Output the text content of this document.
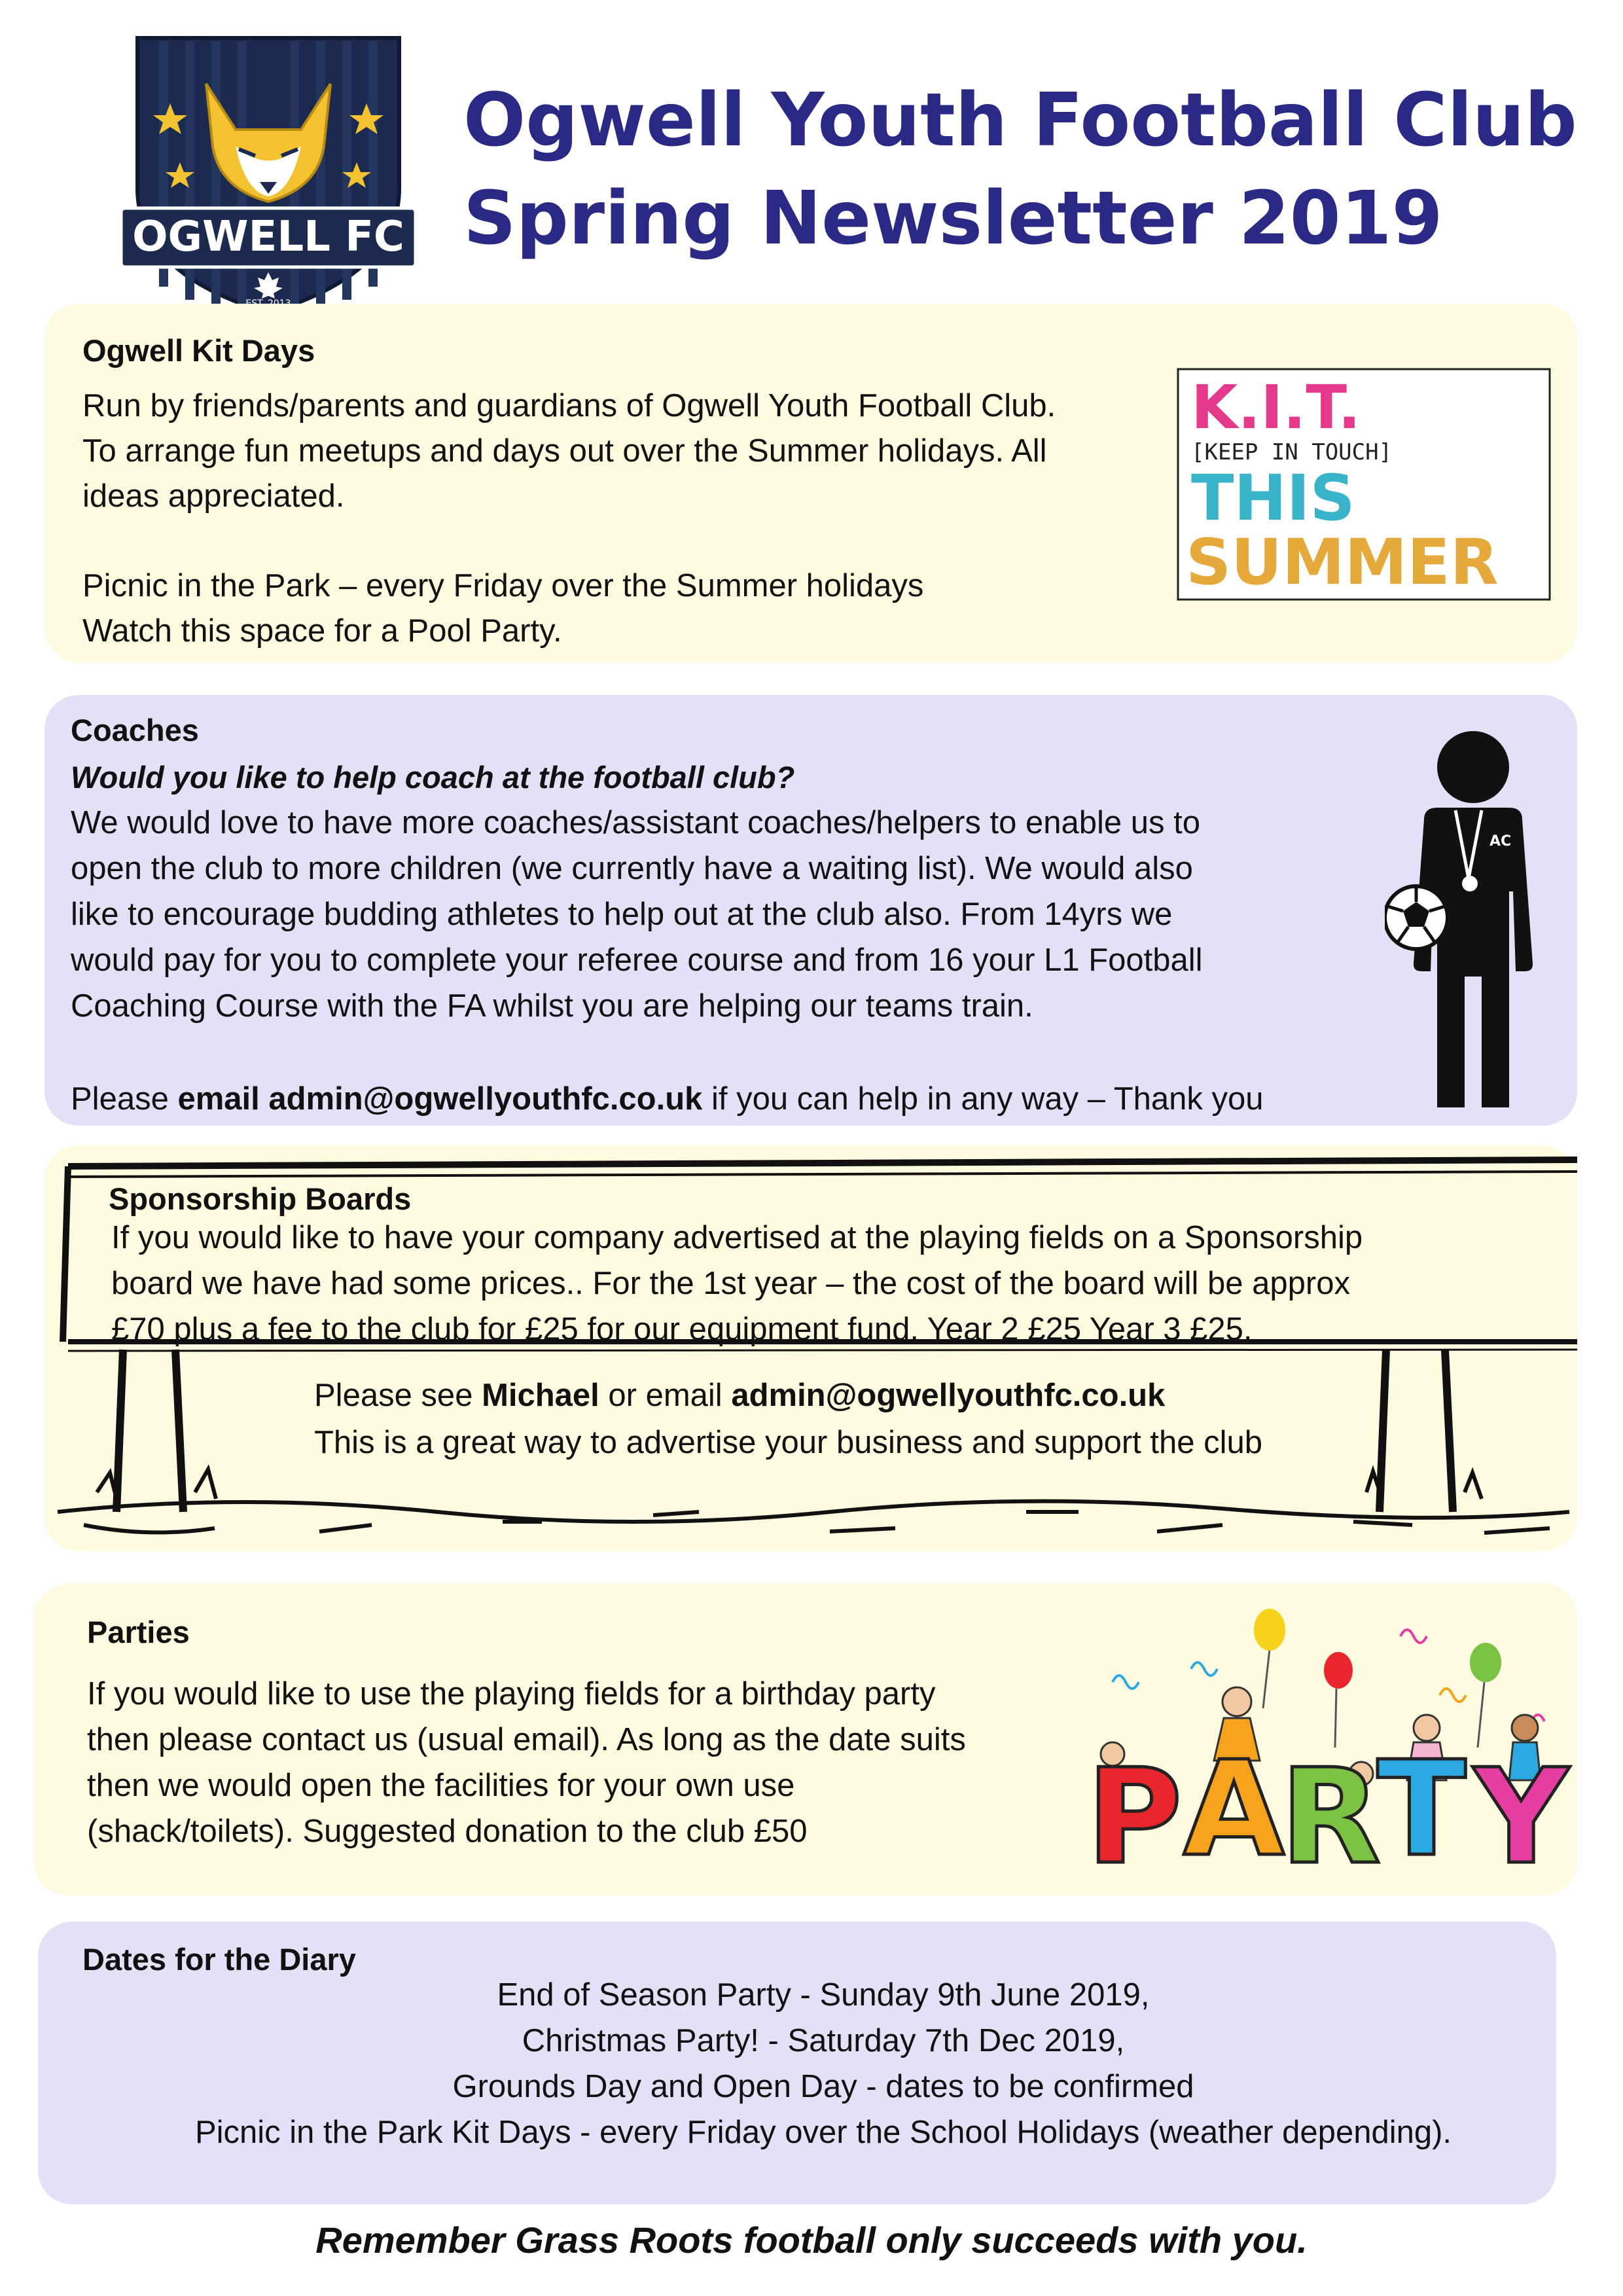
OGWELL FC
Ogwell Youth Football Club
Spring Newsletter 2019
Ogwell Kit Days
Run by friends/parents and guardians of Ogwell Youth Football Club.
To arrange fun meetups and days out over the Summer holidays. All
ideas appreciated.
Picnic in the Park – every Friday over the Summer holidays
Watch this space for a Pool Party.
K.I.T.
[KEEP IN TOUCH]
THIS
SUMMER
Coaches
Would you like to help coach at the football club?
We would love to have more coaches/assistant coaches/helpers to enable us to
open the club to more children (we currently have a waiting list). We would also
like to encourage budding athletes to help out at the club also. From 14yrs we
would pay for you to complete your referee course and from 16 your L1 Football
Coaching Course with the FA whilst you are helping our teams train.
Please email admin@ogwellyouthfc.co.uk if you can help in any way – Thank you
AC
Sponsorship Boards
If you would like to have your company advertised at the playing fields on a Sponsorship
board we have had some prices.. For the 1st year – the cost of the board will be approx
£70 plus a fee to the club for £25 for our equipment fund. Year 2 £25 Year 3 £25.
Please see Michael or email admin@ogwellyouthfc.co.uk
This is a great way to advertise your business and support the club
Parties
If you would like to use the playing fields for a birthday party
then please contact us (usual email). As long as the date suits
then we would open the facilities for your own use
(shack/toilets). Suggested donation to the club £50 P A
R
T Y
Dates for the Diary
End of Season Party - Sunday 9th June 2019,
Christmas Party! - Saturday 7th Dec 2019,
Grounds Day and Open Day - dates to be confirmed
Picnic in the Park Kit Days - every Friday over the School Holidays (weather depending).
Remember Grass Roots football only succeeds with you.
